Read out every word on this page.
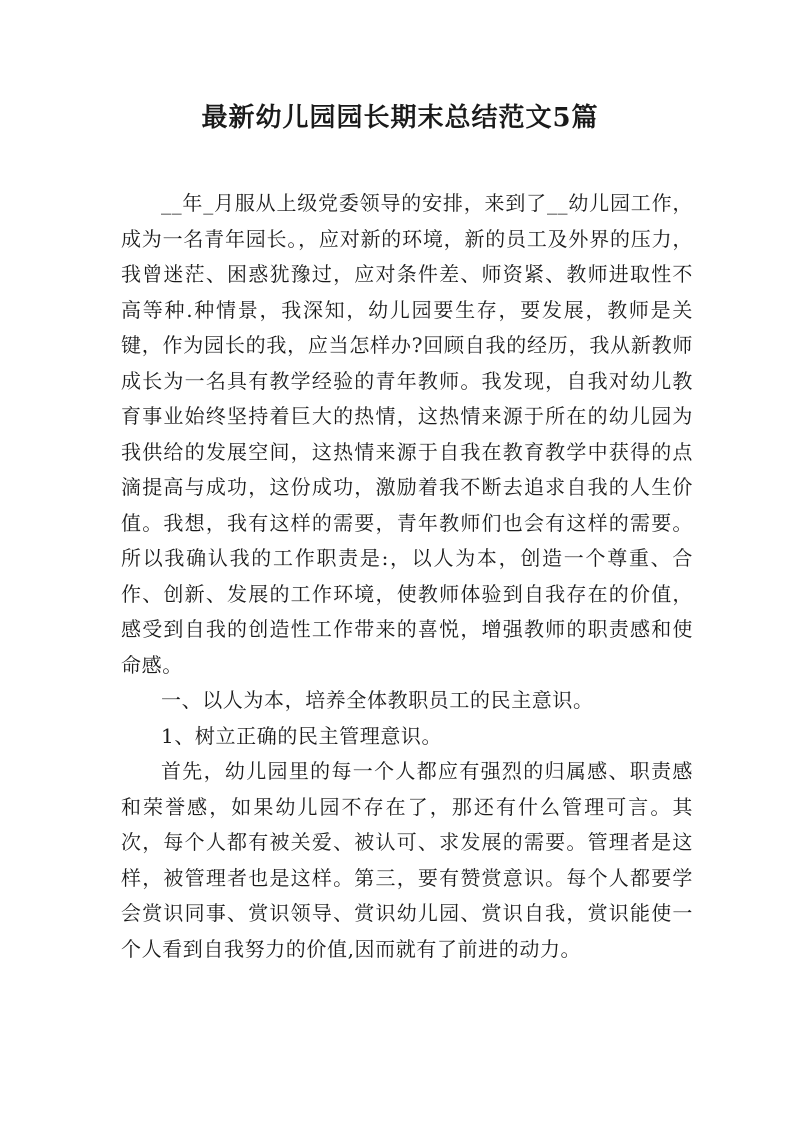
最新幼儿园园长期末总结范文5篇

__年_月服从上级党委领导的安排，来到了__幼儿园工作，成为一名青年园长。，应对新的环境，新的员工及外界的压力，我曾迷茫、困惑犹豫过，应对条件差、师资紧、教师进取性不高等种.种情景，我深知，幼儿园要生存，要发展，教师是关键，作为园长的我，应当怎样办?回顾自我的经历，我从新教师成长为一名具有教学经验的青年教师。我发现，自我对幼儿教育事业始终坚持着巨大的热情，这热情来源于所在的幼儿园为我供给的发展空间，这热情来源于自我在教育教学中获得的点滴提高与成功，这份成功，激励着我不断去追求自我的人生价值。我想，我有这样的需要，青年教师们也会有这样的需要。所以我确认我的工作职责是:，以人为本，创造一个尊重、合作、创新、发展的工作环境，使教师体验到自我存在的价值，感受到自我的创造性工作带来的喜悦，增强教师的职责感和使命感。

一、以人为本，培养全体教职员工的民主意识。

1、树立正确的民主管理意识。

首先，幼儿园里的每一个人都应有强烈的归属感、职责感和荣誉感，如果幼儿园不存在了，那还有什么管理可言。其次，每个人都有被关爱、被认可、求发展的需要。管理者是这样，被管理者也是这样。第三，要有赞赏意识。每个人都要学会赏识同事、赏识领导、赏识幼儿园、赏识自我，赏识能使一个人看到自我努力的价值,因而就有了前进的动力。
